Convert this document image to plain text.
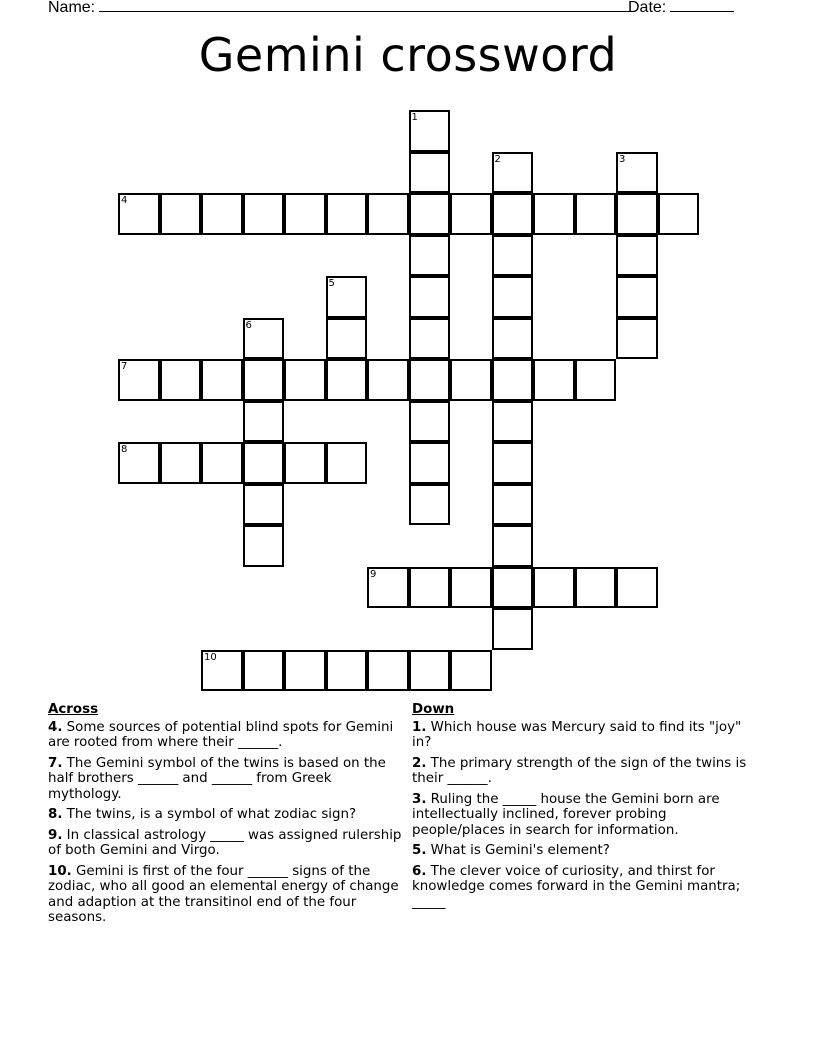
Name:	Date:
Gemini crossword
1
2	3
4
5
6
7
8
9
10
Across
4. Some sources of potential blind spots for Gemini are rooted from where their ______.
7. The Gemini symbol of the twins is based on the half brothers ______ and ______ from Greek mythology.
8. The twins, is a symbol of what zodiac sign?
9. In classical astrology _____ was assigned rulership of both Gemini and Virgo.
10. Gemini is first of the four ______ signs of the zodiac, who all good an elemental energy of change and adaption at the transitinol end of the four seasons.
Down
1. Which house was Mercury said to find its "joy" in?
2. The primary strength of the sign of the twins is their ______.
3. Ruling the _____ house the Gemini born are intellectually inclined, forever probing people/places in search for information.
5. What is Gemini's element?
6. The clever voice of curiosity, and thirst for knowledge comes forward in the Gemini mantra; _____
